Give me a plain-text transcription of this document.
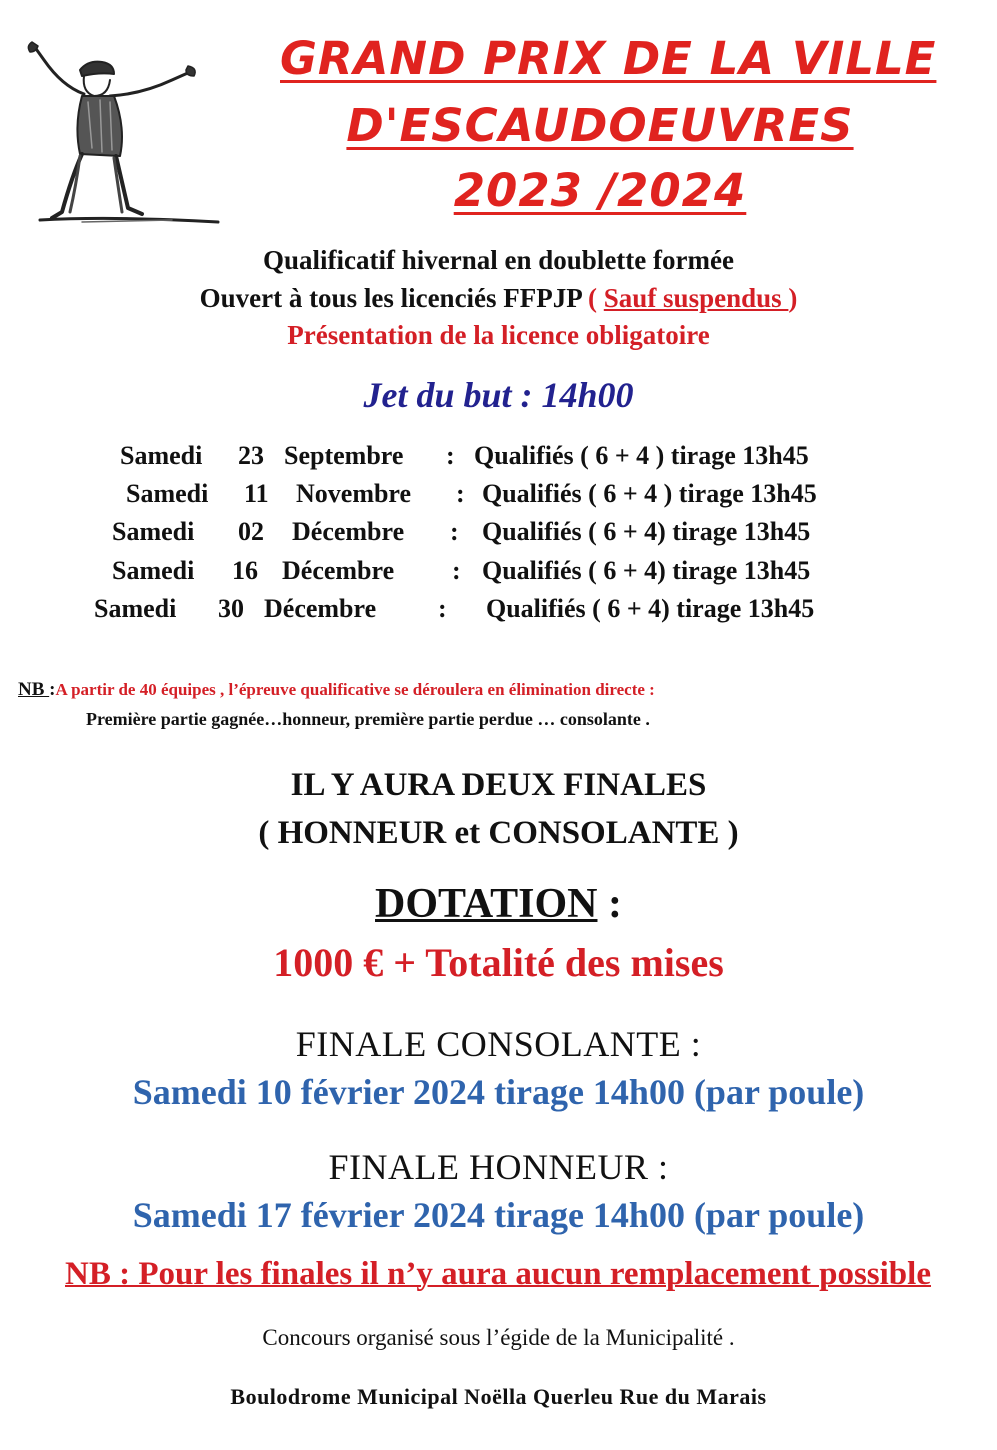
GRAND PRIX DE LA VILLE
D'ESCAUDOEUVRES
2023 /2024
Qualificatif hivernal en doublette formée
Ouvert à tous les licenciés FFPJP ( Sauf suspendus )
Présentation de la licence obligatoire
Jet du but : 14h00
Samedi 23 Septembre : Qualifiés ( 6 + 4 ) tirage 13h45
Samedi 11 Novembre : Qualifiés ( 6 + 4 ) tirage 13h45
Samedi 02 Décembre : Qualifiés ( 6 + 4) tirage 13h45
Samedi 16 Décembre : Qualifiés ( 6 + 4) tirage 13h45
Samedi 30 Décembre : Qualifiés ( 6 + 4) tirage 13h45
NB :A partir de 40 équipes , l’épreuve qualificative se déroulera en élimination directe :
Première partie gagnée…honneur, première partie perdue … consolante .
IL Y AURA DEUX FINALES
( HONNEUR et CONSOLANTE )
DOTATION :
1000 € + Totalité des mises
FINALE CONSOLANTE :
Samedi 10 février 2024 tirage 14h00 (par poule)
FINALE HONNEUR :
Samedi 17 février 2024 tirage 14h00 (par poule)
NB : Pour les finales il n’y aura aucun remplacement possible
Concours organisé sous l’égide de la Municipalité .
Boulodrome Municipal Noëlla Querleu Rue du Marais
